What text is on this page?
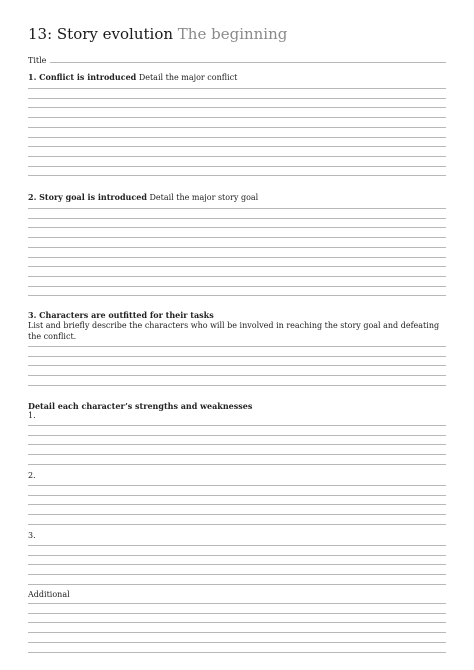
13: Story evolution The beginning
Title
1. Conflict is introduced Detail the major conflict
2. Story goal is introduced Detail the major story goal
3. Characters are outfitted for their tasks
List and briefly describe the characters who will be involved in reaching the story goal and defeating the conflict.
Detail each character’s strengths and weaknesses
1.
2.
3.
Additional
